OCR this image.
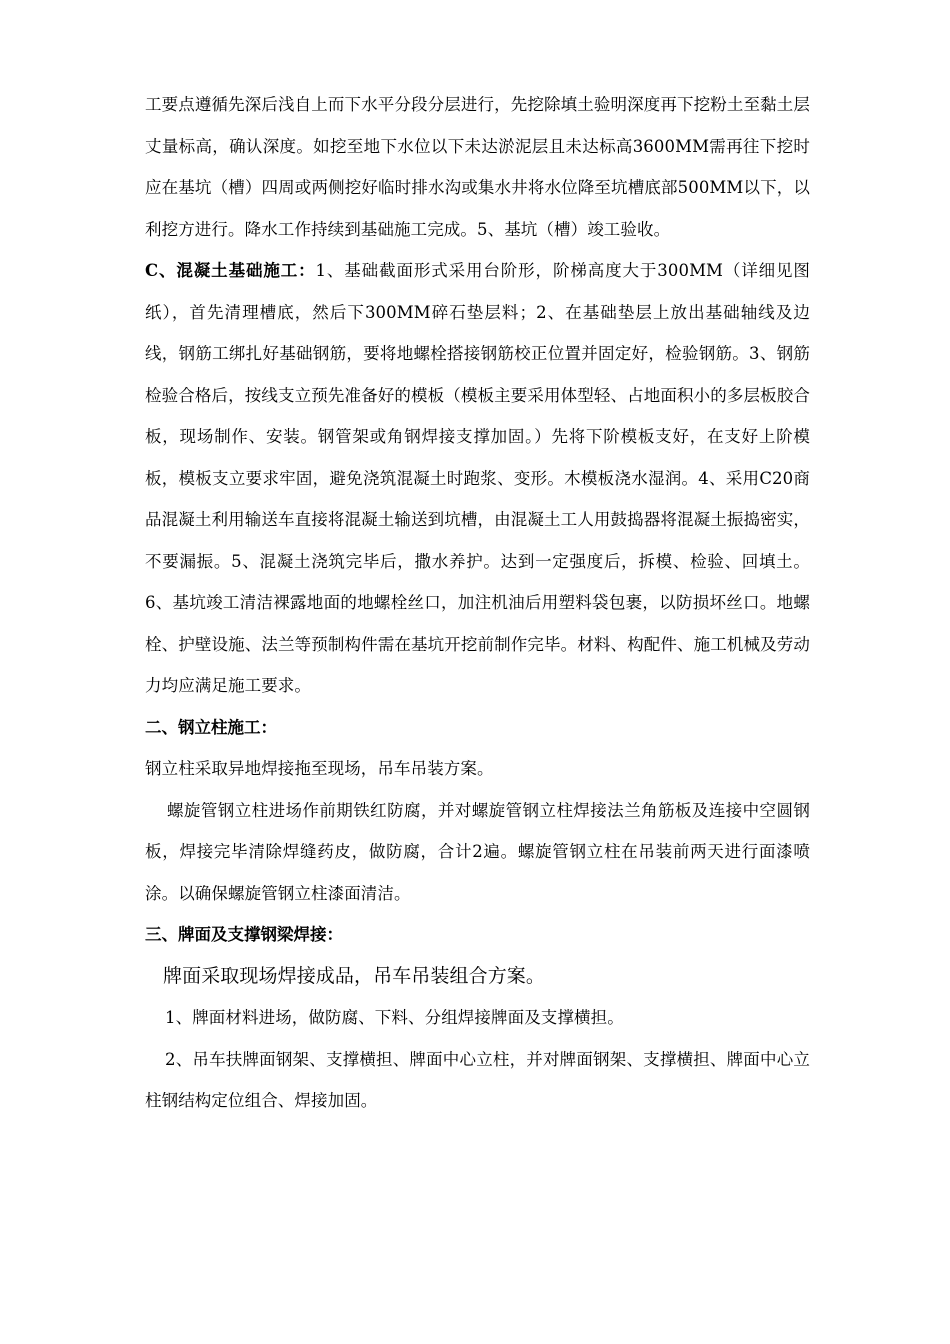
工要点遵循先深后浅自上而下水平分段分层进行，先挖除填土验明深度再下挖粉土至黏土层丈量标高，确认深度。如挖至地下水位以下未达淤泥层且未达标高3600MM需再往下挖时应在基坑（槽）四周或两侧挖好临时排水沟或集水井将水位降至坑槽底部500MM以下，以利挖方进行。降水工作持续到基础施工完成。5、基坑（槽）竣工验收。

C、混凝土基础施工：1、基础截面形式采用台阶形，阶梯高度大于300MM（详细见图纸），首先清理槽底，然后下300MM碎石垫层料；2、在基础垫层上放出基础轴线及边线，钢筋工绑扎好基础钢筋，要将地螺栓搭接钢筋校正位置并固定好，检验钢筋。3、钢筋检验合格后，按线支立预先准备好的模板（模板主要采用体型轻、占地面积小的多层板胶合板，现场制作、安装。钢管架或角钢焊接支撑加固。）先将下阶模板支好，在支好上阶模板，模板支立要求牢固，避免浇筑混凝土时跑浆、变形。木模板浇水湿润。4、采用C20商品混凝土利用输送车直接将混凝土输送到坑槽，由混凝土工人用鼓捣器将混凝土振捣密实，不要漏振。5、混凝土浇筑完毕后，撒水养护。达到一定强度后，拆模、检验、回填土。6、基坑竣工清洁裸露地面的地螺栓丝口，加注机油后用塑料袋包裹，以防损坏丝口。地螺栓、护壁设施、法兰等预制构件需在基坑开挖前制作完毕。材料、构配件、施工机械及劳动力均应满足施工要求。

二、钢立柱施工：

钢立柱采取异地焊接拖至现场，吊车吊装方案。

螺旋管钢立柱进场作前期铁红防腐，并对螺旋管钢立柱焊接法兰角筋板及连接中空圆钢板，焊接完毕清除焊缝药皮，做防腐，合计2遍。螺旋管钢立柱在吊装前两天进行面漆喷涂。以确保螺旋管钢立柱漆面清洁。

三、牌面及支撑钢梁焊接：

牌面采取现场焊接成品，吊车吊装组合方案。

1、牌面材料进场，做防腐、下料、分组焊接牌面及支撑横担。

2、吊车扶牌面钢架、支撑横担、牌面中心立柱，并对牌面钢架、支撑横担、牌面中心立柱钢结构定位组合、焊接加固。
